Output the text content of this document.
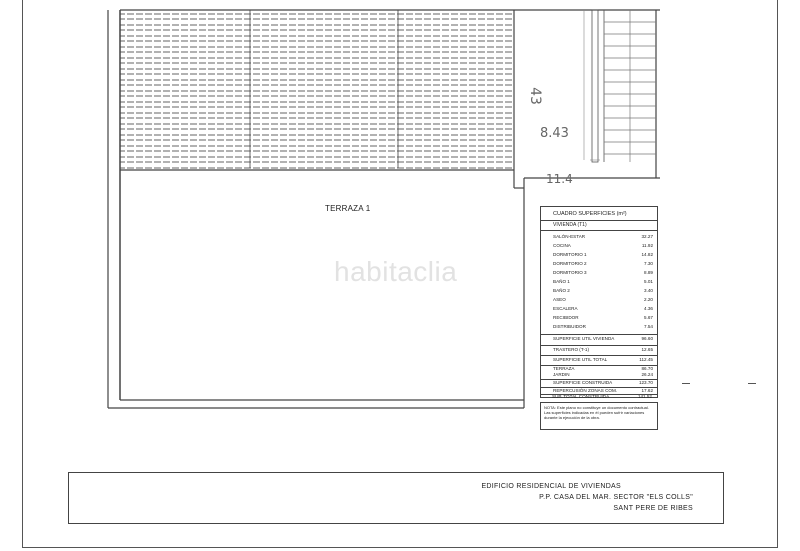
TERRAZA 1
43
8.43
11.4
habitaclia
CUADRO SUPERFICIES (m²)
VIVIENDA (T1)
SALÓN-ESTAR	32.27
COCINA	11.92
DORMITORIO 1	14.82
DORMITORIO 2	7.30
DORMITORIO 3	8.89
BAÑO 1	5.01
BAÑO 2	3.40
ASEO	2.20
ESCALERA	4.36
RECIBIDOR	5.67
DISTRIBUIDOR	7.54
SUPERFICIE UTIL VIVIENDA	96.60
TRASTERO (T-1)	12.65
SUPERFICIE UTIL TOTAL	112.45
TERRAZA	86.70
JARDIN	26.24
SUPERFICIE CONSTRUIDA	123.70
REPERCUSIÓN ZONAS COM.	17.62
SUP. TOTAL CONSTRUIDA	141.52
NOTA: Este plano no constituye un documento contractual. Las superficies indicadas en él pueden sufrir variaciones durante la ejecución de la obra.
EDIFICIO RESIDENCIAL DE VIVIENDAS
P.P. CASA DEL MAR. SECTOR "ELS COLLS"
SANT PERE DE RIBES
